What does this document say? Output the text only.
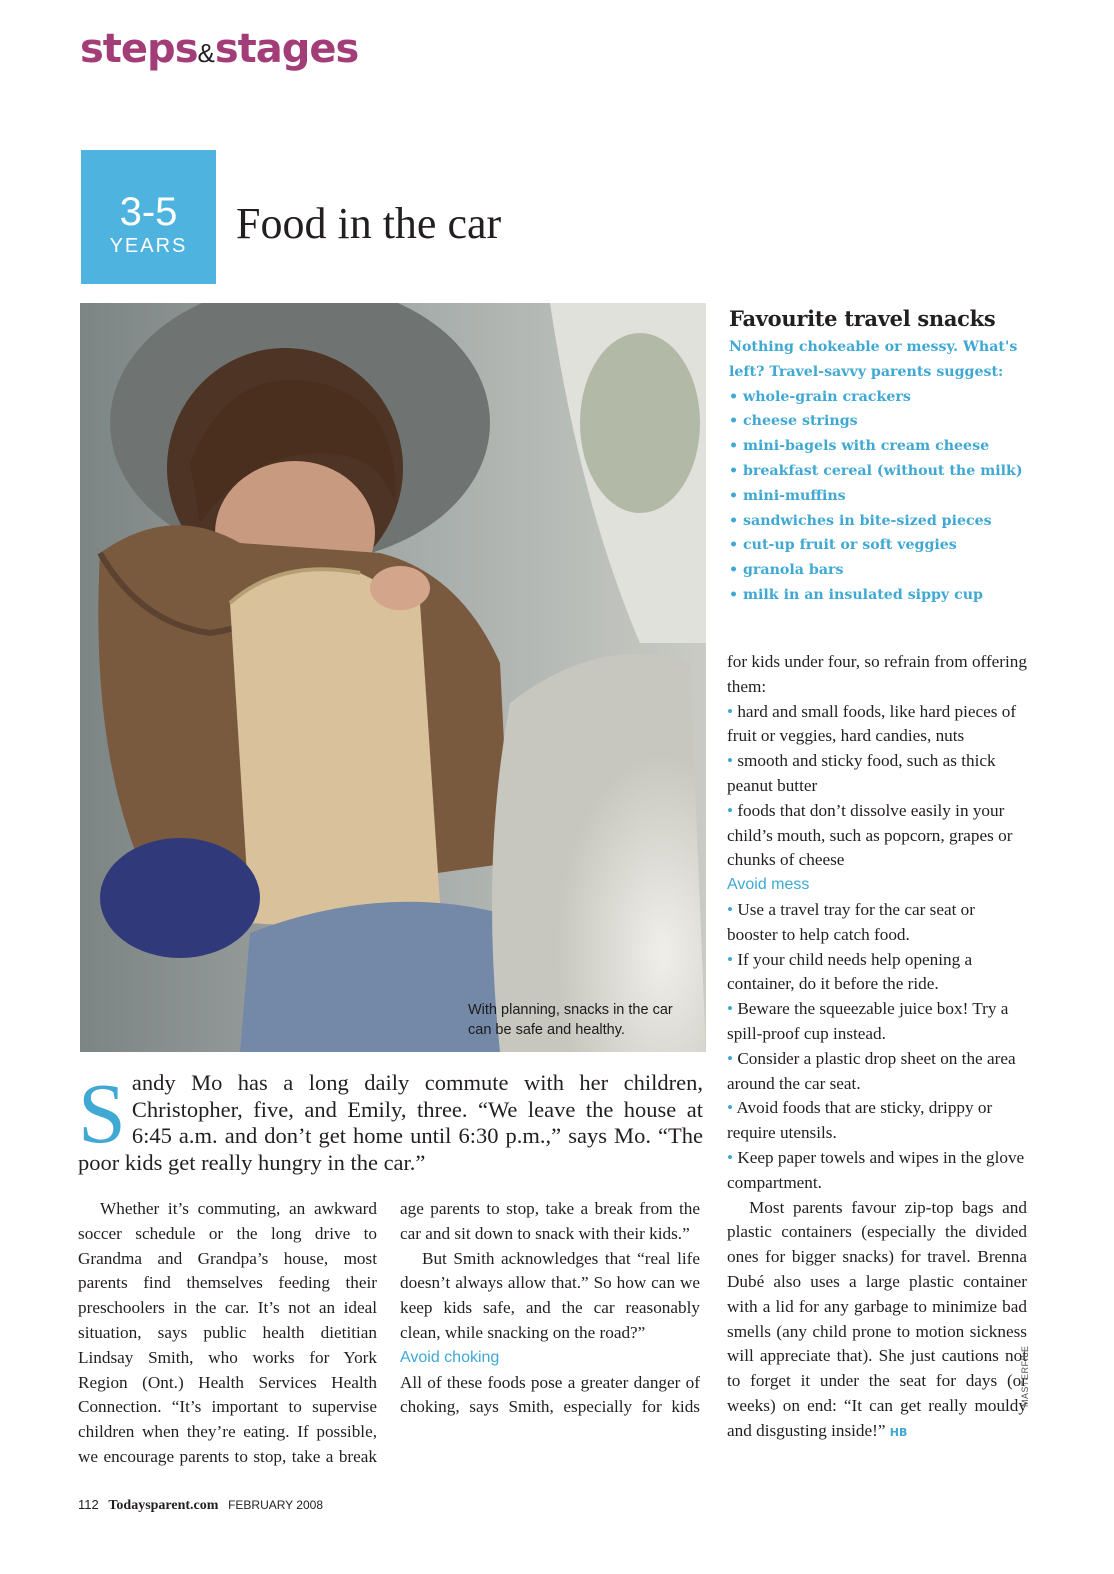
steps&stages
3-5
YEARS	Food in the car
With planning, snacks in the car can be safe and healthy.
Favourite travel snacks

Nothing chokeable or messy. What's left? Travel-savvy parents suggest:

• whole-grain crackers
• cheese strings
• mini-bagels with cream cheese
• breakfast cereal (without the milk)
• mini-muffins
• sandwiches in bite-sized pieces
• cut-up fruit or soft veggies
• granola bars
• milk in an insulated sippy cup
S andy Mo has a long daily commute with her children, Christopher, five, and Emily, three. “We leave the house at 6:45 a.m. and don’t get home until 6:30 p.m.,” says Mo. “The poor kids get really hungry in the car.”

Whether it’s commuting, an awkward soccer schedule or the long drive to Grandma and Grandpa’s house, most parents find themselves feeding their preschoolers in the car. It’s not an ideal situation, says public health dietitian Lindsay Smith, who works for York Region (Ont.) Health Services Health Connection. “It’s important to supervise children when they’re eating. If possible, we encourage parents to stop, take a break

age parents to stop, take a break from the car and sit down to snack with their kids.”

But Smith acknowledges that “real life doesn’t always allow that.” So how can we keep kids safe, and the car reasonably clean, while snacking on the road?”

Avoid choking

All of these foods pose a greater danger of choking, says Smith, especially for kids

for kids under four, so refrain from offering them:

• hard and small foods, like hard pieces of fruit or veggies, hard candies, nuts

• smooth and sticky food, such as thick peanut butter

• foods that don’t dissolve easily in your child’s mouth, such as popcorn, grapes or chunks of cheese

Avoid mess

• Use a travel tray for the car seat or booster to help catch food.

• If your child needs help opening a container, do it before the ride.

• Beware the squeezable juice box! Try a spill-proof cup instead.

• Consider a plastic drop sheet on the area around the car seat.

• Avoid foods that are sticky, drippy or require utensils.

• Keep paper towels and wipes in the glove compartment.

Most parents favour zip-top bags and plastic containers (especially the divided ones for bigger snacks) for travel. Brenna Dubé also uses a large plastic container with a lid for any garbage to minimize bad smells (any child prone to motion sickness will appreciate that). She just cautions not to forget it under the seat for days (or weeks) on end: “It can get really mouldy and disgusting inside!” HB

112 Todaysparent.com FEBRUARY 2008
MASTERFILE
